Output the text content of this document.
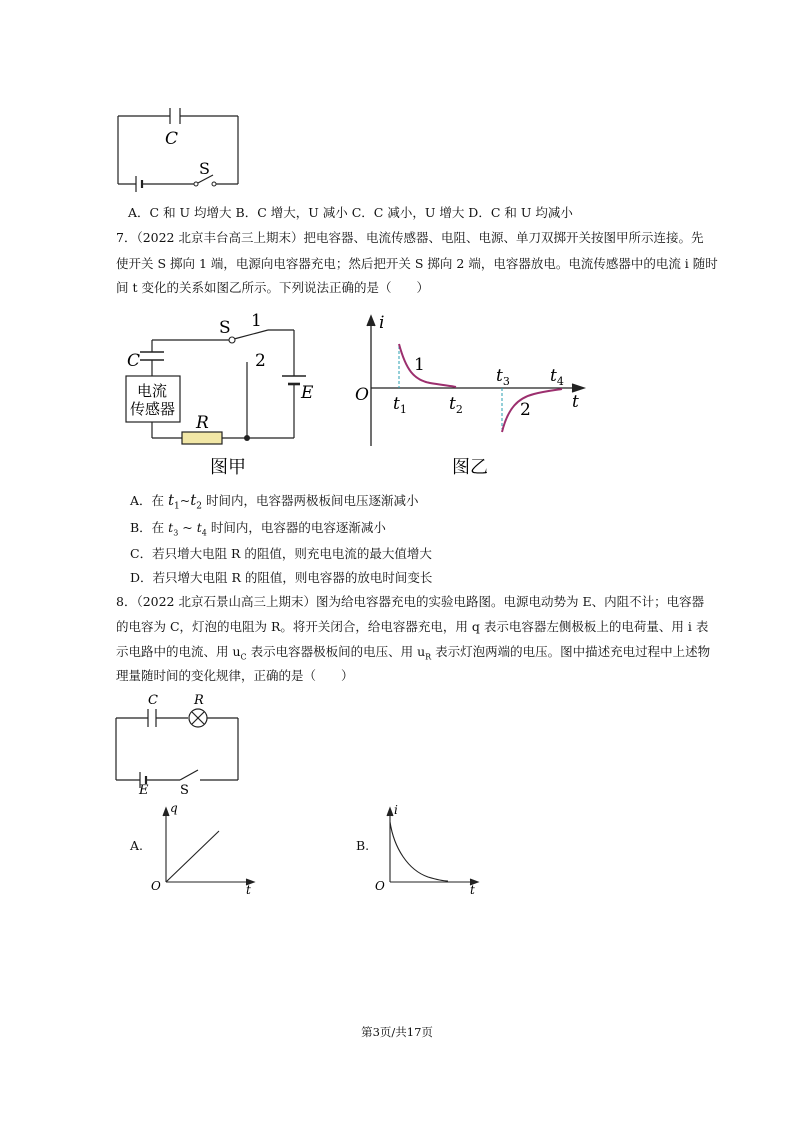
C
S
A．C 和 U 均增大 B．C 增大，U 减小 C．C 减小，U 增大 D．C 和 U 均减小
7．（2022 北京丰台高三上期末）把电容器、电流传感器、电阻、电源、单刀双掷开关按图甲所示连接。先
使开关 S 掷向 1 端，电源向电容器充电；然后把开关 S 掷向 2 端，电容器放电。电流传感器中的电流 i 随时
间 t 变化的关系如图乙所示。下列说法正确的是（　　）
S 1
2
C
E
电流
传感器
R
图甲
i
t
O
1
2
$t_1$ $t_2$
$t_3$ $t_4$
图乙
A．在 $t_1\sim t_2$ 时间内，电容器两极板间电压逐渐减小
B．在 $t_3$ ~ $t_4$ 时间内，电容器的电容逐渐减小
C．若只增大电阻 R 的阻值，则充电电流的最大值增大
D．若只增大电阻 R 的阻值，则电容器的放电时间变长
8．（2022 北京石景山高三上期末）图为给电容器充电的实验电路图。电源电动势为 E、内阻不计；电容器
的电容为 C，灯泡的电阻为 R。将开关闭合，给电容器充电，用 q 表示电容器左侧极板上的电荷量、用 i 表
示电路中的电流、用 $u_C$ 表示电容器极板间的电压、用 $u_R$ 表示灯泡两端的电压。图中描述充电过程中上述物
理量随时间的变化规律，正确的是（　　）
C	R
E S
A.
q
t
O
B.
i
t
O
第3页/共17页
